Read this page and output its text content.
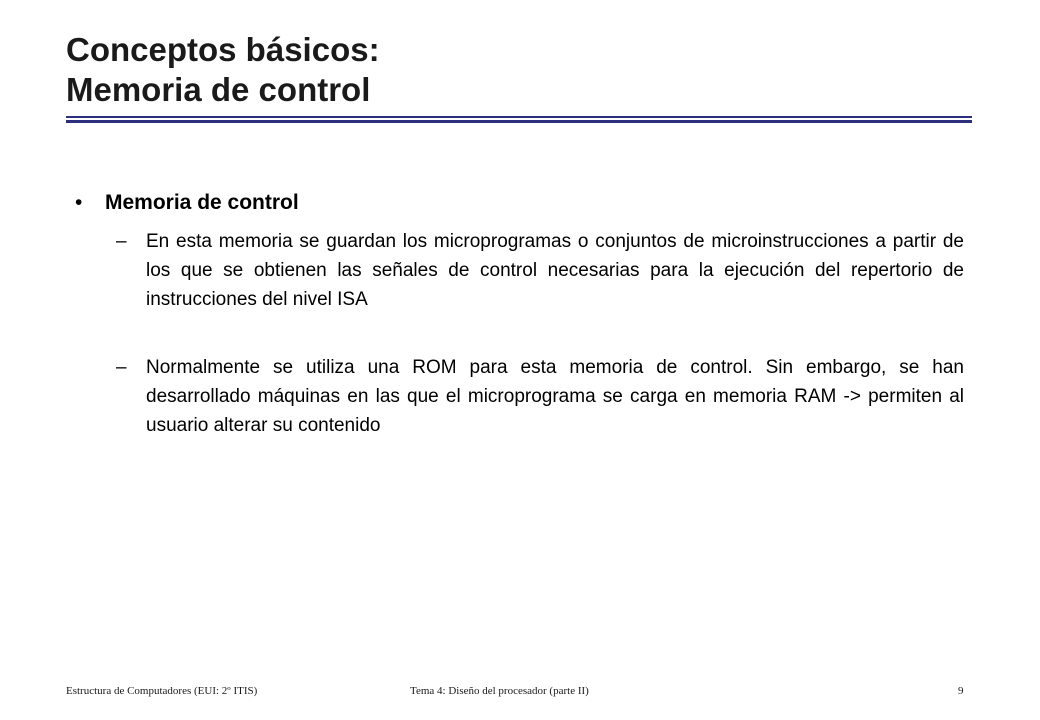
Conceptos básicos:
Memoria de control
• Memoria de control
– En esta memoria se guardan los microprogramas o conjuntos de microinstrucciones a partir de los que se obtienen las señales de control necesarias para la ejecución del repertorio de instrucciones del nivel ISA
– Normalmente se utiliza una ROM para esta memoria de control. Sin embargo, se han desarrollado máquinas en las que el microprograma se carga en memoria RAM -> permiten al usuario alterar su contenido
Estructura de Computadores (EUI: 2º ITIS)	Tema 4: Diseño del procesador (parte II)	9
